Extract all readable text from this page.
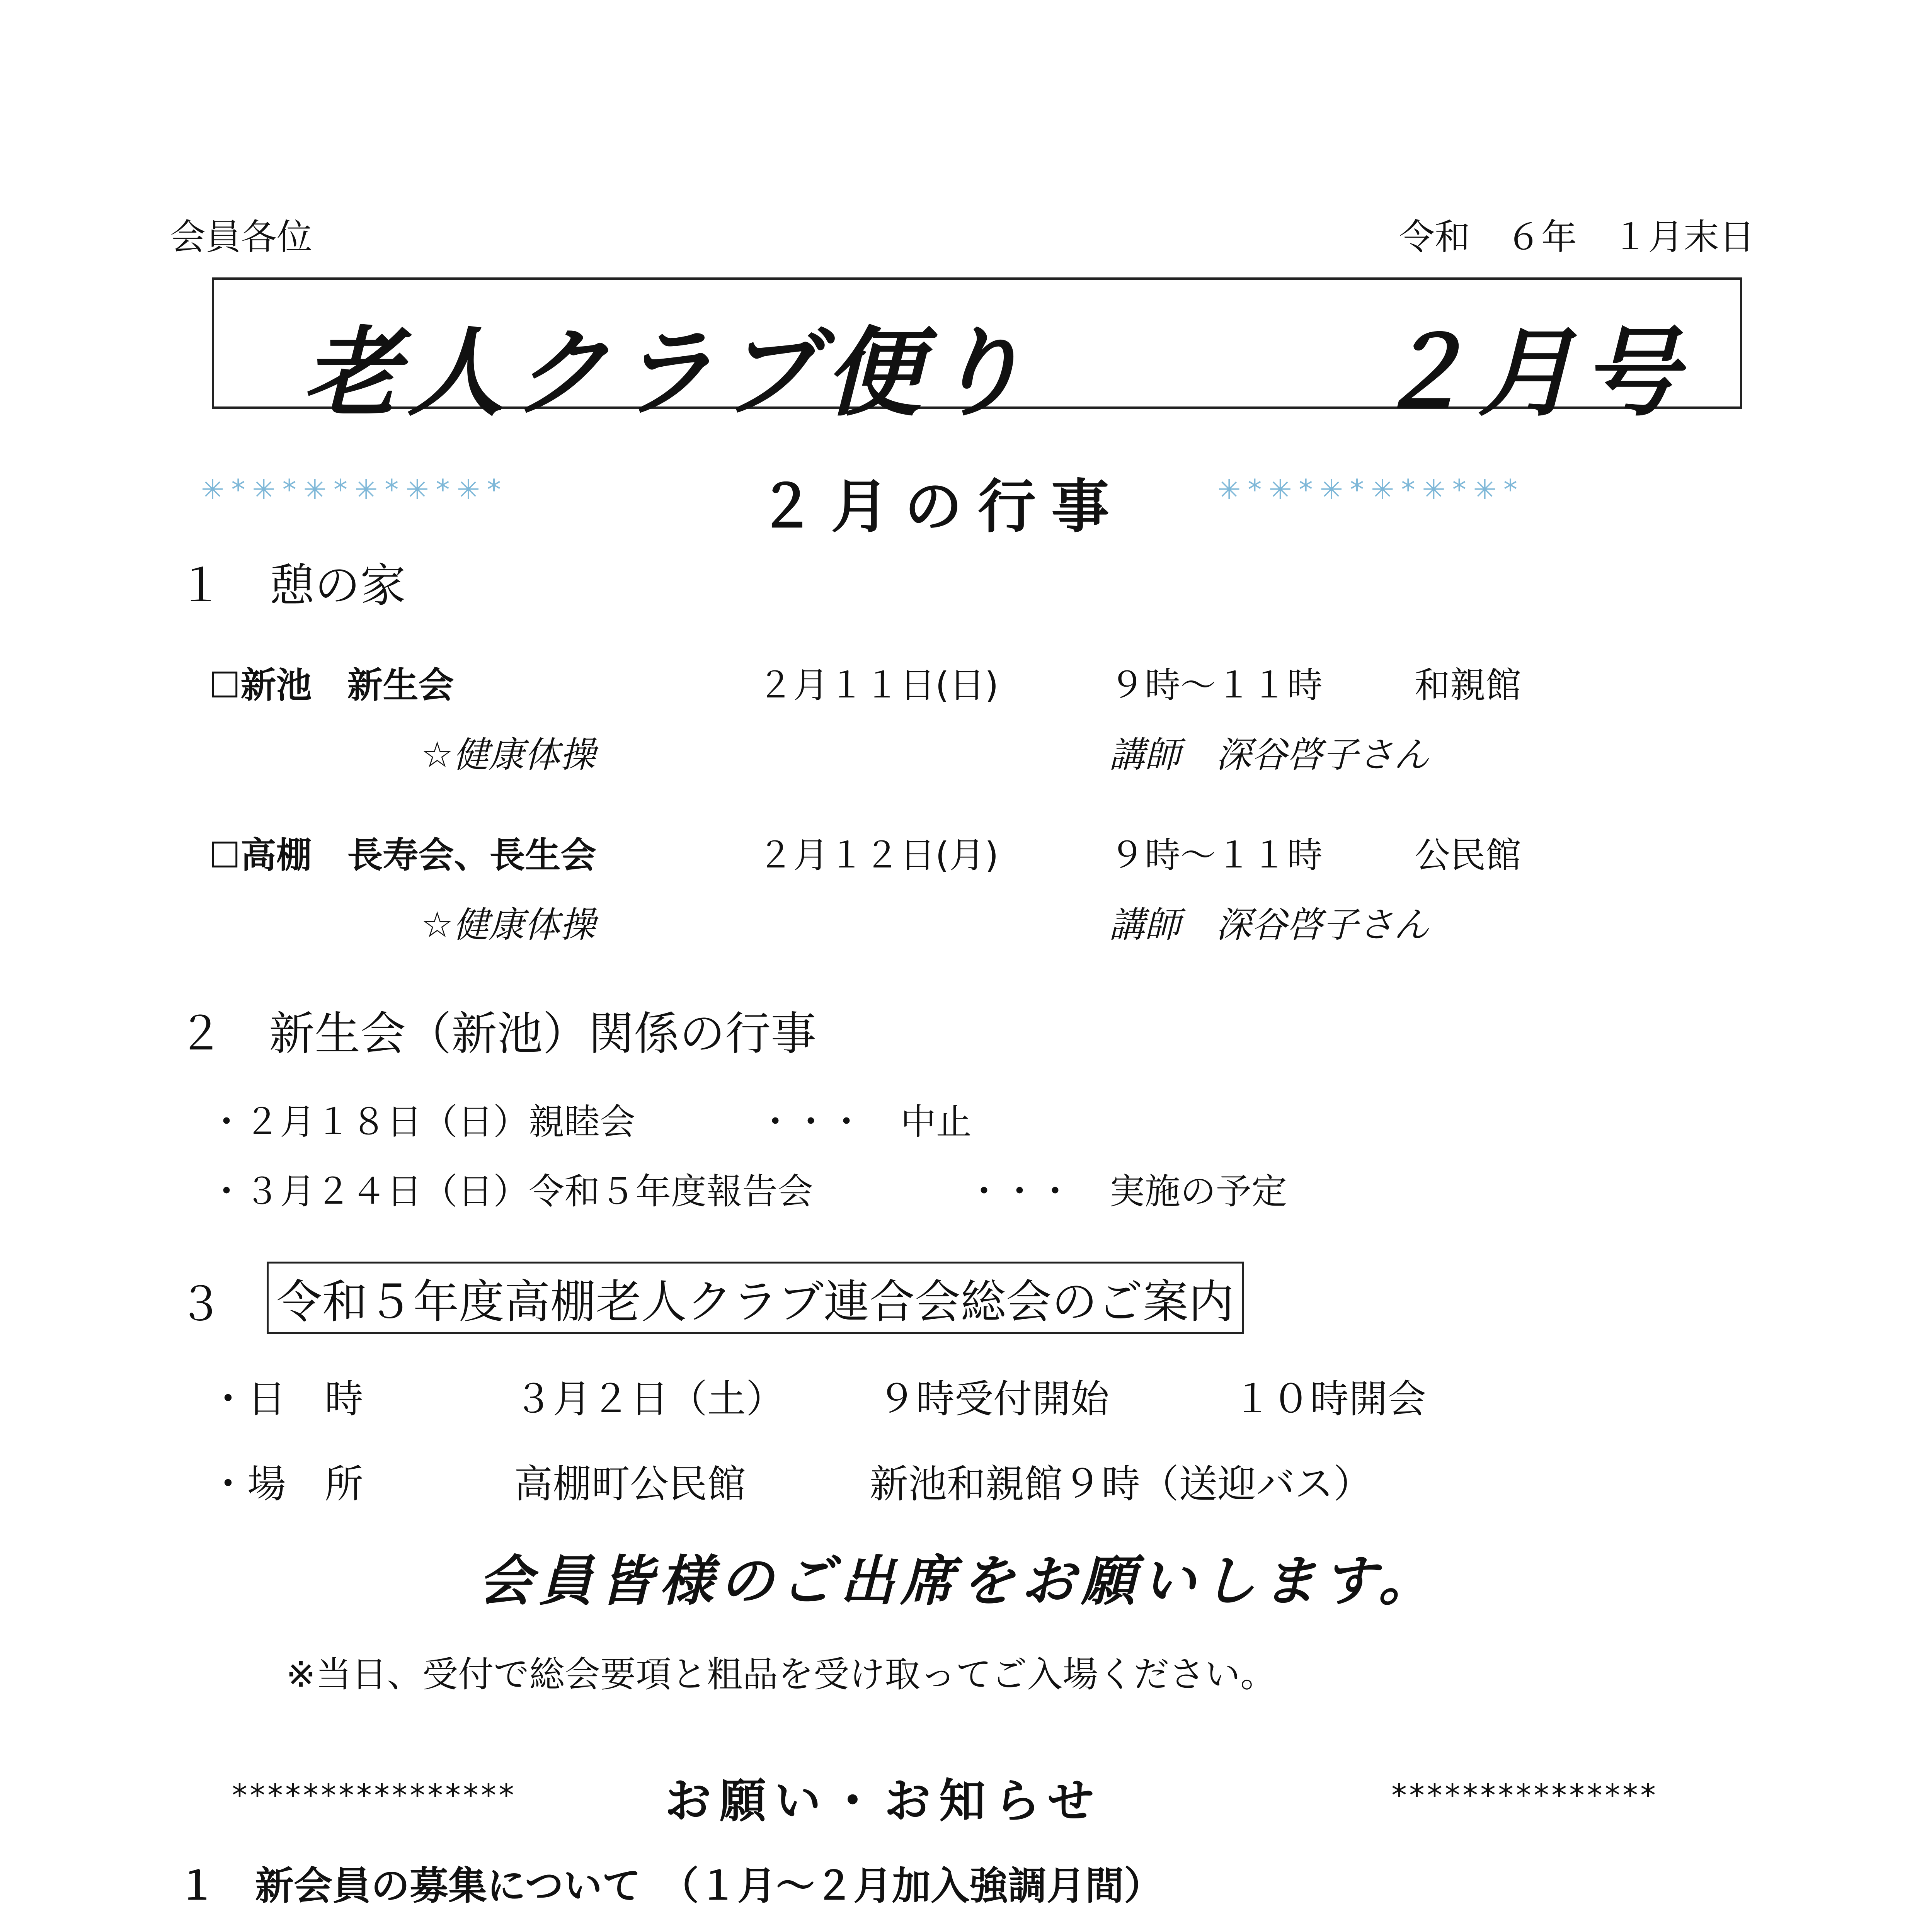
会員各位	令和　６年　１月末日
老人クラブ便り	２月号
✳*✳*✳*✳*✳*✳*	２月の行事	✳*✳*✳*✳*✳*✳*
１　憩の家
☐新池　新生会	２月１１日(日)	９時～１１時	和親館
☆健康体操	講師　深谷啓子さん
☐高棚　長寿会、長生会	２月１２日(月)	９時～１１時	公民館
☆健康体操	講師　深谷啓子さん
２　新生会（新池）関係の行事
・２月１８日（日）親睦会	・・・ 中止
・３月２４日（日）令和５年度報告会	・・・ 実施の予定
３ 令和５年度高棚老人クラブ連合会総会のご案内
・日　時	３月２日（土） ９時受付開始	１０時開会
・場　所	高棚町公民館	新池和親館９時（送迎バス）
会員皆様のご出席をお願いします。
※当日、受付で総会要項と粗品を受け取ってご入場ください。
****************	お願い・お知らせ	***************
１　新会員の募集について　（１月～２月加入強調月間）
